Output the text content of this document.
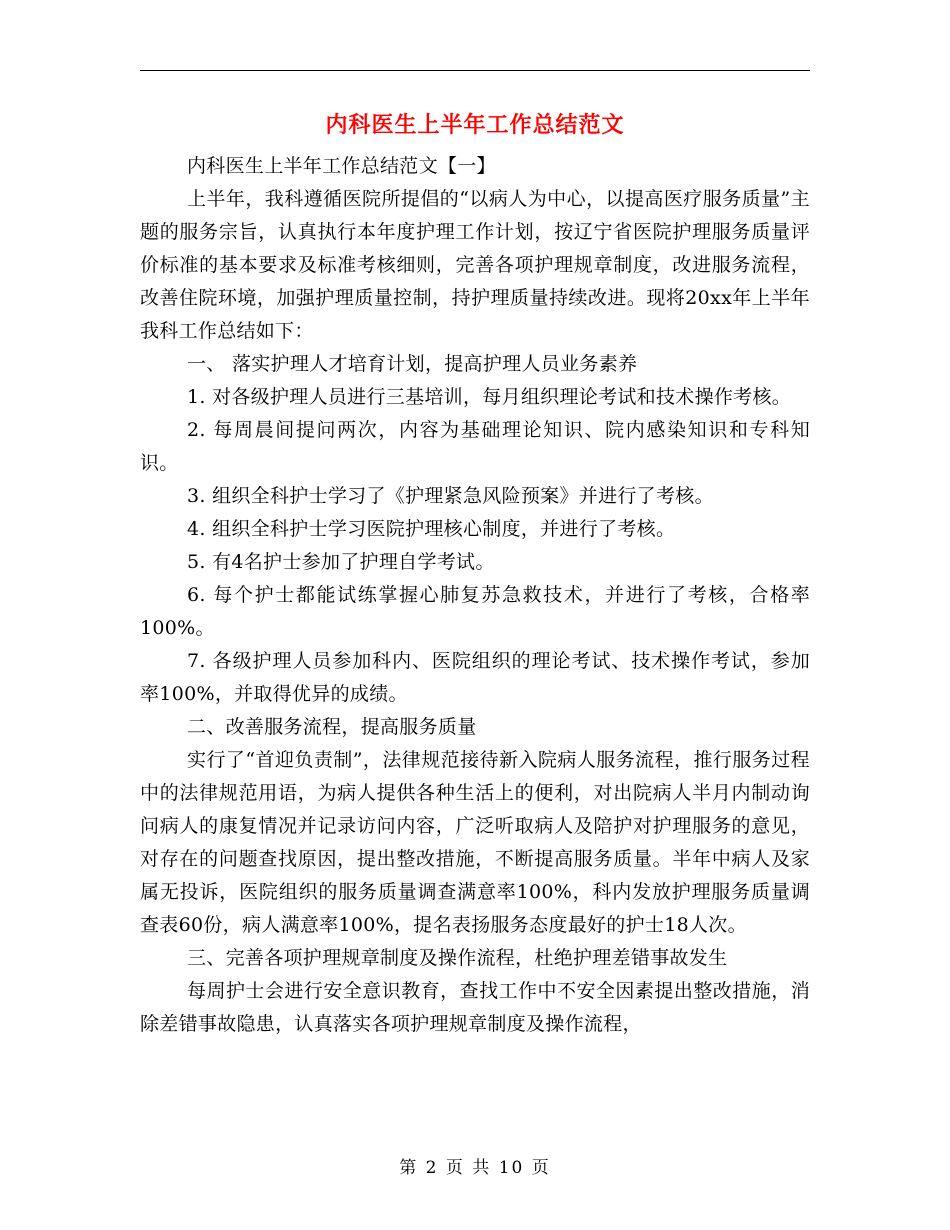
内科医生上半年工作总结范文
内科医生上半年工作总结范文【一】
上半年，我科遵循医院所提倡的“以病人为中心，以提高医疗服务质量”主题的服务宗旨，认真执行本年度护理工作计划，按辽宁省医院护理服务质量评价标准的基本要求及标准考核细则，完善各项护理规章制度，改进服务流程，改善住院环境，加强护理质量控制，持护理质量持续改进。现将20xx年上半年我科工作总结如下：
一、 落实护理人才培育计划，提高护理人员业务素养
1. 对各级护理人员进行三基培训，每月组织理论考试和技术操作考核。
2. 每周晨间提问两次，内容为基础理论知识、院内感染知识和专科知识。
3. 组织全科护士学习了《护理紧急风险预案》并进行了考核。
4. 组织全科护士学习医院护理核心制度，并进行了考核。
5. 有4名护士参加了护理自学考试。
6. 每个护士都能试练掌握心肺复苏急救技术，并进行了考核，合格率100%。
7. 各级护理人员参加科内、医院组织的理论考试、技术操作考试，参加率100%，并取得优异的成绩。
二、改善服务流程，提高服务质量
实行了“首迎负责制”，法律规范接待新入院病人服务流程，推行服务过程中的法律规范用语，为病人提供各种生活上的便利，对出院病人半月内制动询问病人的康复情况并记录访问内容，广泛听取病人及陪护对护理服务的意见，对存在的问题查找原因，提出整改措施，不断提高服务质量。半年中病人及家属无投诉，医院组织的服务质量调查满意率100%，科内发放护理服务质量调查表60份，病人满意率100%，提名表扬服务态度最好的护士18人次。
三、完善各项护理规章制度及操作流程，杜绝护理差错事故发生
每周护士会进行安全意识教育，查找工作中不安全因素提出整改措施，消除差错事故隐患，认真落实各项护理规章制度及操作流程，
第 2 页 共 10 页
